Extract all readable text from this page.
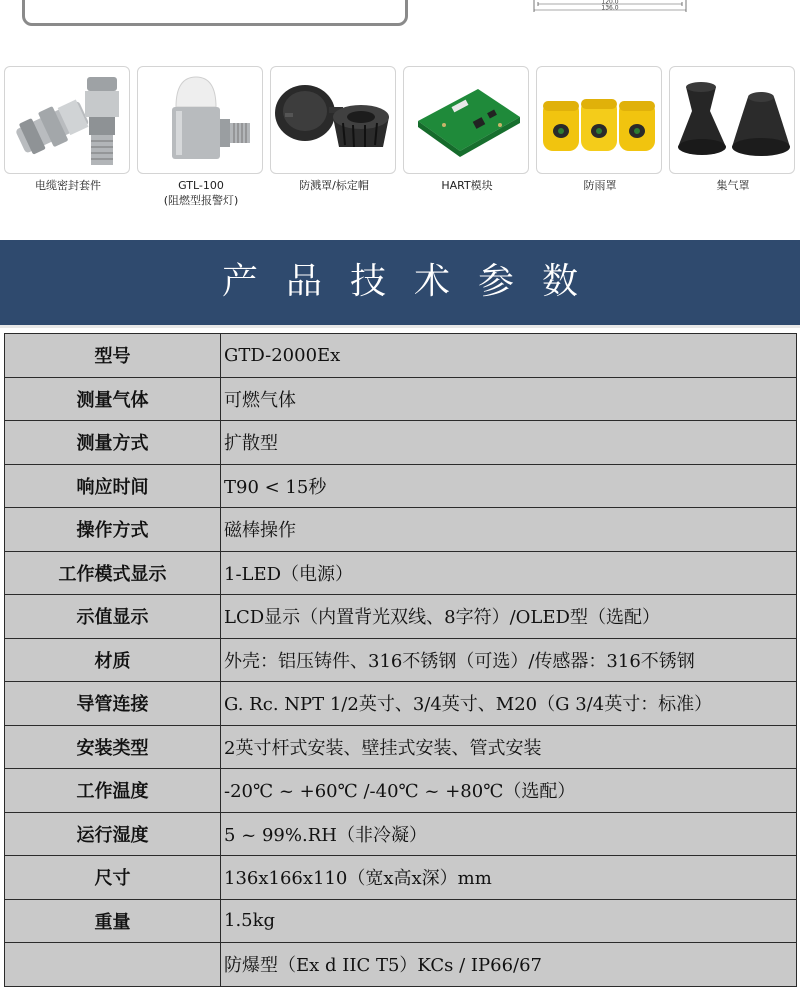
120.0
136.0
电缆密封套件	GTL-100
(阻燃型报警灯)
防溅罩/标定帽	HART模块	防雨罩	集气罩
产品技术参数
型号	GTD-2000Ex
测量气体	可燃气体
测量方式	扩散型
响应时间	T90 < 15秒
操作方式	磁棒操作
工作模式显示	1-LED（电源）
示值显示	LCD显示（内置背光双线、8字符）/OLED型（选配）
材质	外壳：铝压铸件、316不锈钢（可选）/传感器：316不锈钢
导管连接	G. Rc. NPT 1/2英寸、3/4英寸、M20（G 3/4英寸：标准）
安装类型	2英寸杆式安装、壁挂式安装、管式安装
工作温度	-20℃ ~ +60℃ /-40℃ ~ +80℃（选配）
运行湿度	5 ~ 99%.RH（非冷凝）
尺寸	136x166x110（宽x高x深）mm
重量	1.5kg
	防爆型（Ex d IIC T5）KCs / IP66/67
